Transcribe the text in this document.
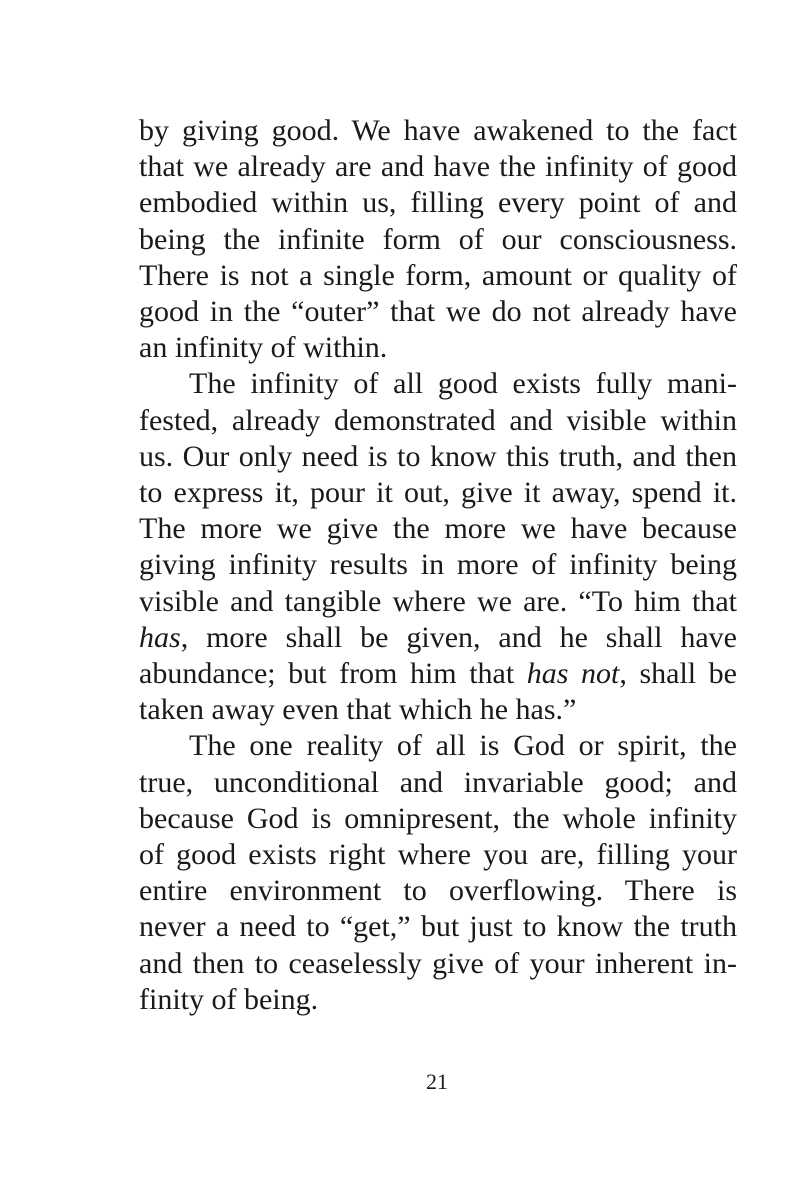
by giving good. We have awakened to the fact that we already are and have the infinity of good embodied within us, filling every point of and being the infinite form of our consciousness. There is not a single form, amount or quality of good in the “outer” that we do not already have an infinity of within.

The infinity of all good exists fully manifested, already demonstrated and visible within us. Our only need is to know this truth, and then to express it, pour it out, give it away, spend it. The more we give the more we have because giving infinity results in more of infinity being visible and tangible where we are. “To him that has, more shall be given, and he shall have abundance; but from him that has not, shall be taken away even that which he has.”

The one reality of all is God or spirit, the true, unconditional and invariable good; and because God is omnipresent, the whole infinity of good exists right where you are, filling your entire environment to overflowing. There is never a need to “get,” but just to know the truth and then to ceaselessly give of your inherent infinity of being.

21
